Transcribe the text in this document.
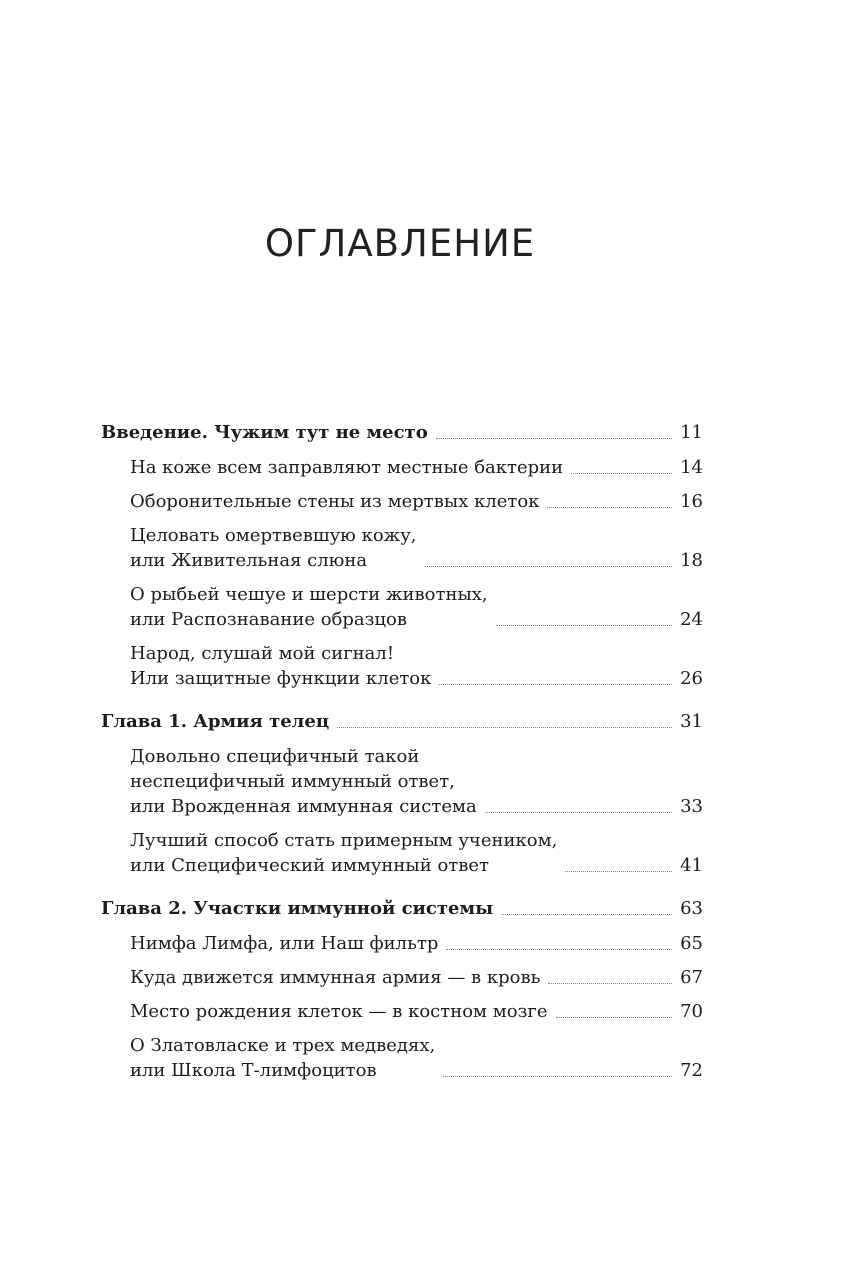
ОГЛАВЛЕНИЕ
Введение. Чужим тут не место	11
На коже всем заправляют местные бактерии	14
Оборонительные стены из мертвых клеток	16
Целовать омертвевшую кожу,
или Живительная слюна	18
О рыбьей чешуе и шерсти животных,
или Распознавание образцов	24
Народ, слушай мой сигнал!
Или защитные функции клеток	26
Глава 1. Армия телец	31
Довольно специфичный такой
неспецифичный иммунный ответ,
или Врожденная иммунная система	33
Лучший способ стать примерным учеником,
или Специфический иммунный ответ	41
Глава 2. Участки иммунной системы	63
Нимфа Лимфа, или Наш фильтр	65
Куда движется иммунная армия — в кровь	67
Место рождения клеток — в костном мозге	70
О Златовласке и трех медведях,
или Школа Т-лимфоцитов	72
